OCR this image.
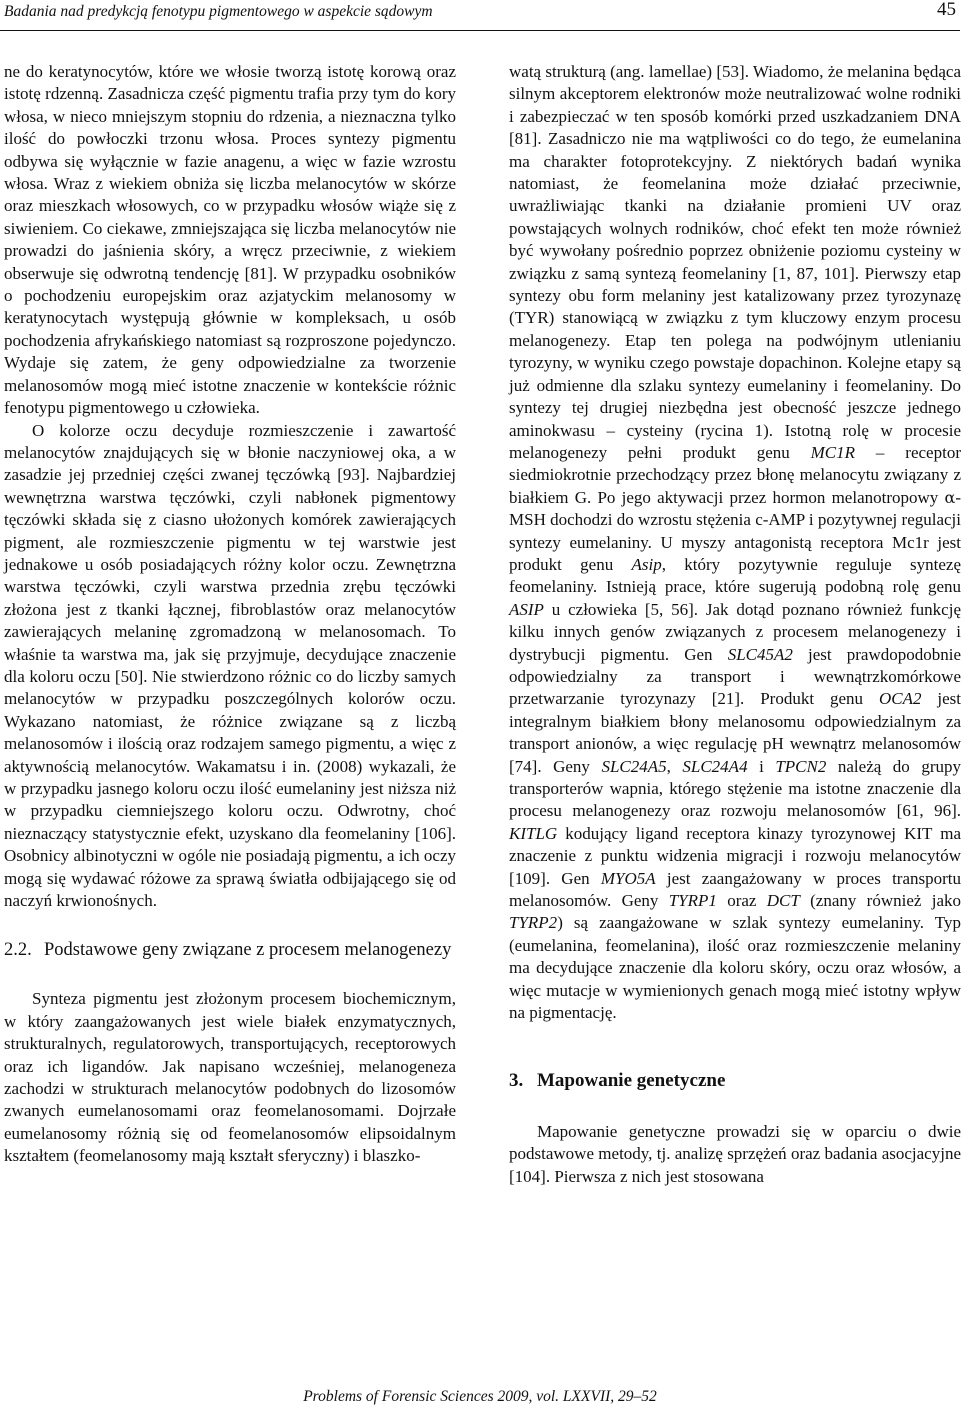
Badania nad predykcją fenotypu pigmentowego w aspekcie sądowym	45

ne do keratynocytów, które we włosie tworzą istotę korową oraz istotę rdzenną. Zasadnicza część pigmentu trafia przy tym do kory włosa, w nieco mniejszym stopniu do rdzenia, a nieznaczna tylko ilość do powłoczki trzonu włosa. Proces syntezy pigmentu odbywa się wyłącznie w fazie anagenu, a więc w fazie wzrostu włosa. Wraz z wiekiem obniża się liczba melanocytów w skórze oraz mieszkach włosowych, co w przypadku włosów wiąże się z siwieniem. Co ciekawe, zmniejszająca się liczba melanocytów nie prowadzi do jaśnienia skóry, a wręcz przeciwnie, z wiekiem obserwuje się odwrotną tendencję [81]. W przypadku osobników o pochodzeniu europejskim oraz azjatyckim melanosomy w keratynocytach występują głównie w kompleksach, u osób pochodzenia afrykańskiego natomiast są rozproszone pojedynczo. Wydaje się zatem, że geny odpowiedzialne za tworzenie melanosomów mogą mieć istotne znaczenie w kontekście różnic fenotypu pigmentowego u człowieka.

O kolorze oczu decyduje rozmieszczenie i zawartość melanocytów znajdujących się w błonie naczyniowej oka, a w zasadzie jej przedniej części zwanej tęczówką [93]. Najbardziej wewnętrzna warstwa tęczówki, czyli nabłonek pigmentowy tęczówki składa się z ciasno ułożonych komórek zawierających pigment, ale rozmieszczenie pigmentu w tej warstwie jest jednakowe u osób posiadających różny kolor oczu. Zewnętrzna warstwa tęczówki, czyli warstwa przednia zrębu tęczówki złożona jest z tkanki łącznej, fibroblastów oraz melanocytów zawierających melaninę zgromadzoną w melanosomach. To właśnie ta warstwa ma, jak się przyjmuje, decydujące znaczenie dla koloru oczu [50]. Nie stwierdzono różnic co do liczby samych melanocytów w przypadku poszczególnych kolorów oczu. Wykazano natomiast, że różnice związane są z liczbą melanosomów i ilością oraz rodzajem samego pigmentu, a więc z aktywnością melanocytów. Wakamatsu i in. (2008) wykazali, że w przypadku jasnego koloru oczu ilość eumelaniny jest niższa niż w przypadku ciemniejszego koloru oczu. Odwrotny, choć nieznaczący statystycznie efekt, uzyskano dla feomelaniny [106]. Osobnicy albinotyczni w ogóle nie posiadają pigmentu, a ich oczy mogą się wydawać różowe za sprawą światła odbijającego się od naczyń krwionośnych.

2.2. Podstawowe geny związane z procesem melanogenezy

Synteza pigmentu jest złożonym procesem biochemicznym, w który zaangażowanych jest wiele białek enzymatycznych, strukturalnych, regulatorowych, transportujących, receptorowych oraz ich ligandów. Jak napisano wcześniej, melanogeneza zachodzi w strukturach melanocytów podobnych do lizosomów zwanych eumelanosomami oraz feomelanosomami. Dojrzałe eumelanosomy różnią się od feomelanosomów elipsoidalnym kształtem (feomelanosomy mają kształt sferyczny) i blaszko-

watą strukturą (ang. lamellae) [53]. Wiadomo, że melanina będąca silnym akceptorem elektronów może neutralizować wolne rodniki i zabezpieczać w ten sposób komórki przed uszkadzaniem DNA [81]. Zasadniczo nie ma wątpliwości co do tego, że eumelanina ma charakter fotoprotekcyjny. Z niektórych badań wynika natomiast, że feomelanina może działać przeciwnie, uwrażliwiając tkanki na działanie promieni UV oraz powstających wolnych rodników, choć efekt ten może również być wywołany pośrednio poprzez obniżenie poziomu cysteiny w związku z samą syntezą feomelaniny [1, 87, 101]. Pierwszy etap syntezy obu form melaniny jest katalizowany przez tyrozynazę (TYR) stanowiącą w związku z tym kluczowy enzym procesu melanogenezy. Etap ten polega na podwójnym utlenianiu tyrozyny, w wyniku czego powstaje dopachinon. Kolejne etapy są już odmienne dla szlaku syntezy eumelaniny i feomelaniny. Do syntezy tej drugiej niezbędna jest obecność jeszcze jednego aminokwasu – cysteiny (rycina 1). Istotną rolę w procesie melanogenezy pełni produkt genu MC1R – receptor siedmiokrotnie przechodzący przez błonę melanocytu związany z białkiem G. Po jego aktywacji przez hormon melanotropowy α-MSH dochodzi do wzrostu stężenia c-AMP i pozytywnej regulacji syntezy eumelaniny. U myszy antagonistą receptora Mc1r jest produkt genu Asip, który pozytywnie reguluje syntezę feomelaniny. Istnieją prace, które sugerują podobną rolę genu ASIP u człowieka [5, 56]. Jak dotąd poznano również funkcję kilku innych genów związanych z procesem melanogenezy i dystrybucji pigmentu. Gen SLC45A2 jest prawdopodobnie odpowiedzialny za transport i wewnątrzkomórkowe przetwarzanie tyrozynazy [21]. Produkt genu OCA2 jest integralnym białkiem błony melanosomu odpowiedzialnym za transport anionów, a więc regulację pH wewnątrz melanosomów [74]. Geny SLC24A5, SLC24A4 i TPCN2 należą do grupy transporterów wapnia, którego stężenie ma istotne znaczenie dla procesu melanogenezy oraz rozwoju melanosomów [61, 96]. KITLG kodujący ligand receptora kinazy tyrozynowej KIT ma znaczenie z punktu widzenia migracji i rozwoju melanocytów [109]. Gen MYO5A jest zaangażowany w proces transportu melanosomów. Geny TYRP1 oraz DCT (znany również jako TYRP2) są zaangażowane w szlak syntezy eumelaniny. Typ (eumelanina, feomelanina), ilość oraz rozmieszczenie melaniny ma decydujące znaczenie dla koloru skóry, oczu oraz włosów, a więc mutacje w wymienionych genach mogą mieć istotny wpływ na pigmentację.

3. Mapowanie genetyczne

Mapowanie genetyczne prowadzi się w oparciu o dwie podstawowe metody, tj. analizę sprzężeń oraz badania asocjacyjne [104]. Pierwsza z nich jest stosowana

Problems of Forensic Sciences 2009, vol. LXXVII, 29–52
